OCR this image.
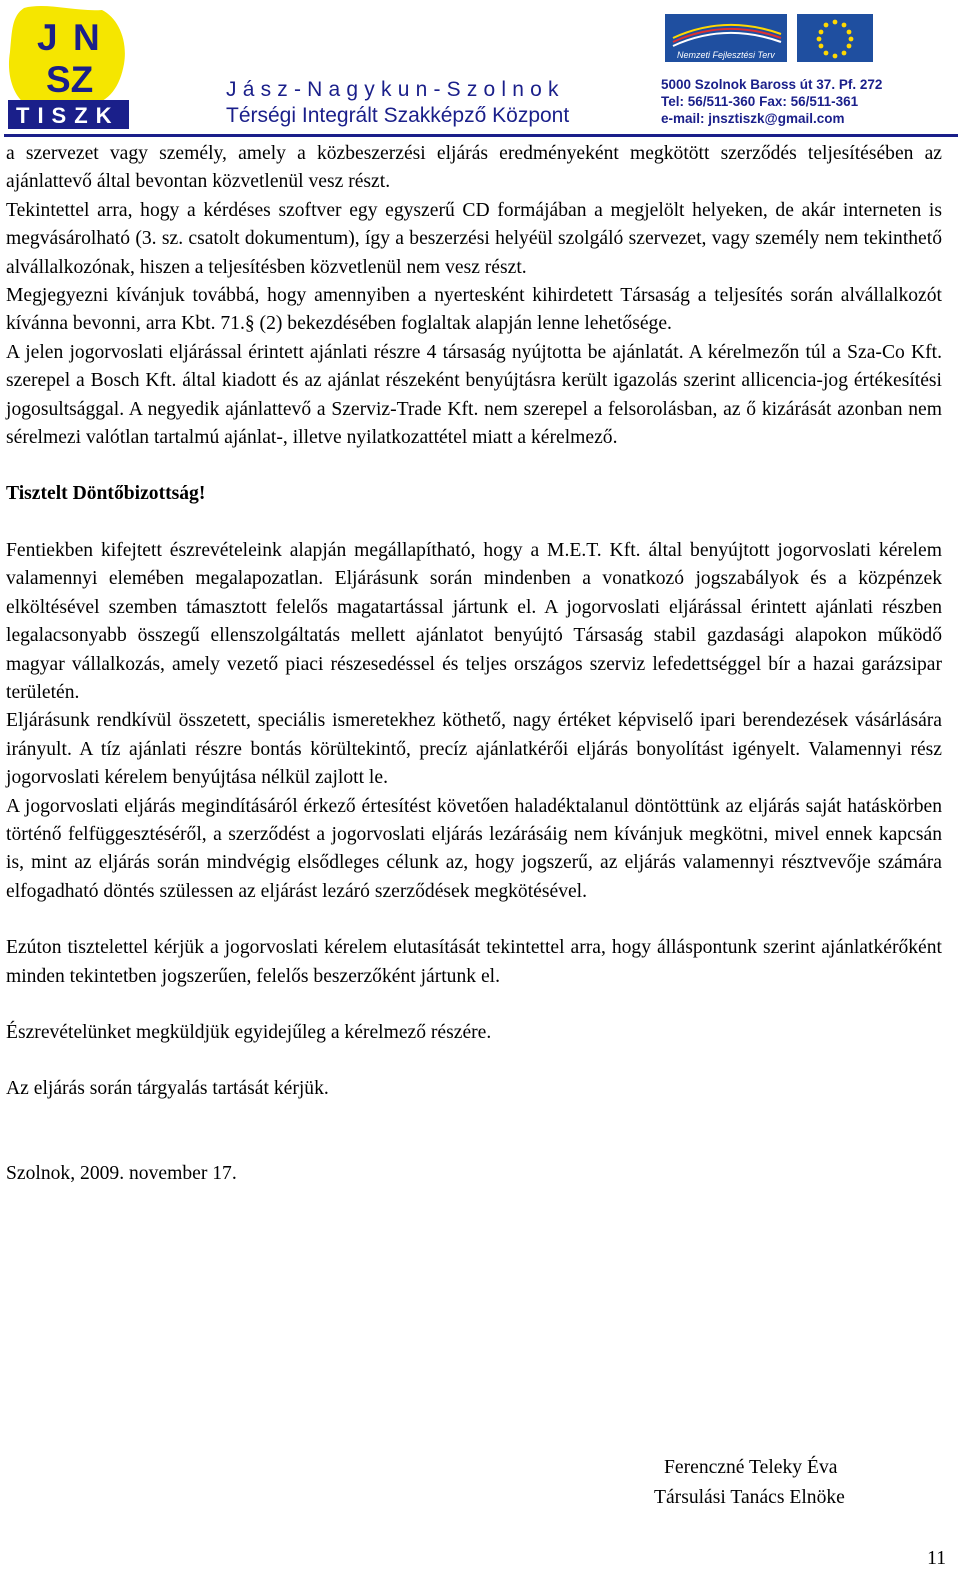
J N
SZ
TISZK
Jász-Nagykun-Szolnok
Térségi Integrált Szakképző Központ
Nemzeti Fejlesztési Terv
5000 Szolnok Baross út 37. Pf. 272
Tel: 56/511-360 Fax: 56/511-361
e-mail: jnsztiszk@gmail.com

a szervezet vagy személy, amely a közbeszerzési eljárás eredményeként megkötött szerződés teljesítésében az ajánlattevő által bevontan közvetlenül vesz részt.

Tekintettel arra, hogy a kérdéses szoftver egy egyszerű CD formájában a megjelölt helyeken, de akár interneten is megvásárolható (3. sz. csatolt dokumentum), így a beszerzési helyéül szolgáló szervezet, vagy személy nem tekinthető alvállalkozónak, hiszen a teljesítésben közvetlenül nem vesz részt.

Megjegyezni kívánjuk továbbá, hogy amennyiben a nyertesként kihirdetett Társaság a teljesítés során alvállalkozót kívánna bevonni, arra Kbt. 71.§ (2) bekezdésében foglaltak alapján lenne lehetősége.

A jelen jogorvoslati eljárással érintett ajánlati részre 4 társaság nyújtotta be ajánlatát. A kérelmezőn túl a Sza-Co Kft. szerepel a Bosch Kft. által kiadott és az ajánlat részeként benyújtásra került igazolás szerint allicencia-jog értékesítési jogosultsággal. A negyedik ajánlattevő a Szerviz-Trade Kft. nem szerepel a felsorolásban, az ő kizárását azonban nem sérelmezi valótlan tartalmú ajánlat-, illetve nyilatkozattétel miatt a kérelmező.

Tisztelt Döntőbizottság!

Fentiekben kifejtett észrevételeink alapján megállapítható, hogy a M.E.T. Kft. által benyújtott jogorvoslati kérelem valamennyi elemében megalapozatlan. Eljárásunk során mindenben a vonatkozó jogszabályok és a közpénzek elköltésével szemben támasztott felelős magatartással jártunk el. A jogorvoslati eljárással érintett ajánlati részben legalacsonyabb összegű ellenszolgáltatás mellett ajánlatot benyújtó Társaság stabil gazdasági alapokon működő magyar vállalkozás, amely vezető piaci részesedéssel és teljes országos szerviz lefedettséggel bír a hazai garázsipar területén.

Eljárásunk rendkívül összetett, speciális ismeretekhez köthető, nagy értéket képviselő ipari berendezések vásárlására irányult. A tíz ajánlati részre bontás körültekintő, precíz ajánlatkérői eljárás bonyolítást igényelt. Valamennyi rész jogorvoslati kérelem benyújtása nélkül zajlott le.

A jogorvoslati eljárás megindításáról érkező értesítést követően haladéktalanul döntöttünk az eljárás saját hatáskörben történő felfüggesztéséről, a szerződést a jogorvoslati eljárás lezárásáig nem kívánjuk megkötni, mivel ennek kapcsán is, mint az eljárás során mindvégig elsődleges célunk az, hogy jogszerű, az eljárás valamennyi résztvevője számára elfogadható döntés szülessen az eljárást lezáró szerződések megkötésével.

Ezúton tisztelettel kérjük a jogorvoslati kérelem elutasítását tekintettel arra, hogy álláspontunk szerint ajánlatkérőként minden tekintetben jogszerűen, felelős beszerzőként jártunk el.

Észrevételünket megküldjük egyidejűleg a kérelmező részére.

Az eljárás során tárgyalás tartását kérjük.

Szolnok, 2009. november 17.

Ferenczné Teleky Éva
Társulási Tanács Elnöke
11
